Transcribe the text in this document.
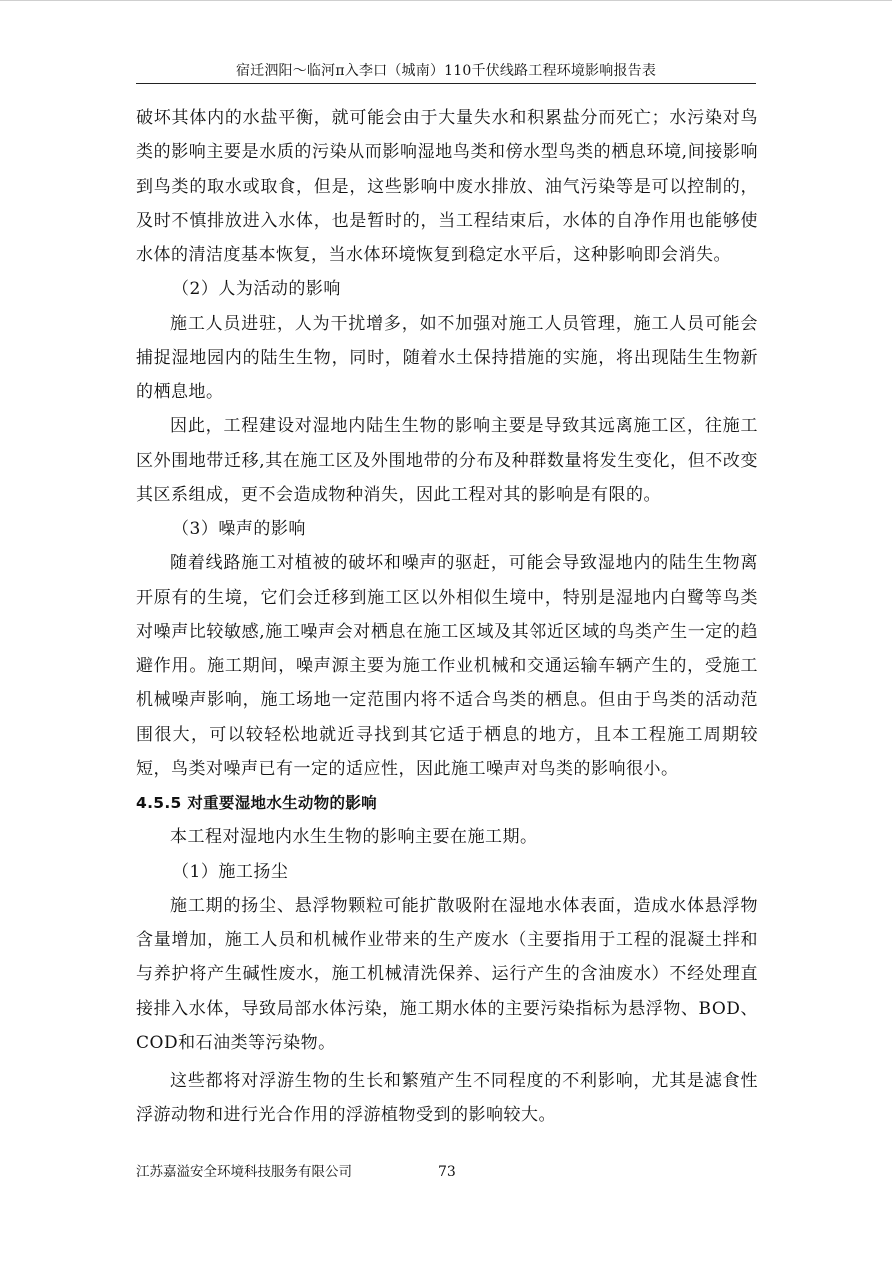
宿迁泗阳～临河π入李口（城南）110千伏线路工程环境影响报告表

破坏其体内的水盐平衡，就可能会由于大量失水和积累盐分而死亡；水污染对鸟类的影响主要是水质的污染从而影响湿地鸟类和傍水型鸟类的栖息环境,间接影响到鸟类的取水或取食，但是，这些影响中废水排放、油气污染等是可以控制的，及时不慎排放进入水体，也是暂时的，当工程结束后，水体的自净作用也能够使水体的清洁度基本恢复，当水体环境恢复到稳定水平后，这种影响即会消失。

（2）人为活动的影响

施工人员进驻，人为干扰增多，如不加强对施工人员管理，施工人员可能会捕捉湿地园内的陆生生物，同时，随着水土保持措施的实施，将出现陆生生物新的栖息地。

因此，工程建设对湿地内陆生生物的影响主要是导致其远离施工区，往施工区外围地带迁移,其在施工区及外围地带的分布及种群数量将发生变化，但不改变其区系组成，更不会造成物种消失，因此工程对其的影响是有限的。

（3）噪声的影响

随着线路施工对植被的破坏和噪声的驱赶，可能会导致湿地内的陆生生物离开原有的生境，它们会迁移到施工区以外相似生境中，特别是湿地内白鹭等鸟类对噪声比较敏感,施工噪声会对栖息在施工区域及其邻近区域的鸟类产生一定的趋避作用。施工期间，噪声源主要为施工作业机械和交通运输车辆产生的，受施工机械噪声影响，施工场地一定范围内将不适合鸟类的栖息。但由于鸟类的活动范围很大，可以较轻松地就近寻找到其它适于栖息的地方，且本工程施工周期较短，鸟类对噪声已有一定的适应性，因此施工噪声对鸟类的影响很小。

4.5.5 对重要湿地水生动物的影响

本工程对湿地内水生生物的影响主要在施工期。

（1）施工扬尘

施工期的扬尘、悬浮物颗粒可能扩散吸附在湿地水体表面，造成水体悬浮物含量增加，施工人员和机械作业带来的生产废水（主要指用于工程的混凝土拌和与养护将产生碱性废水，施工机械清洗保养、运行产生的含油废水）不经处理直接排入水体，导致局部水体污染，施工期水体的主要污染指标为悬浮物、BOD、COD和石油类等污染物。

这些都将对浮游生物的生长和繁殖产生不同程度的不利影响，尤其是滤食性浮游动物和进行光合作用的浮游植物受到的影响较大。

江苏嘉溢安全环境科技服务有限公司	73
